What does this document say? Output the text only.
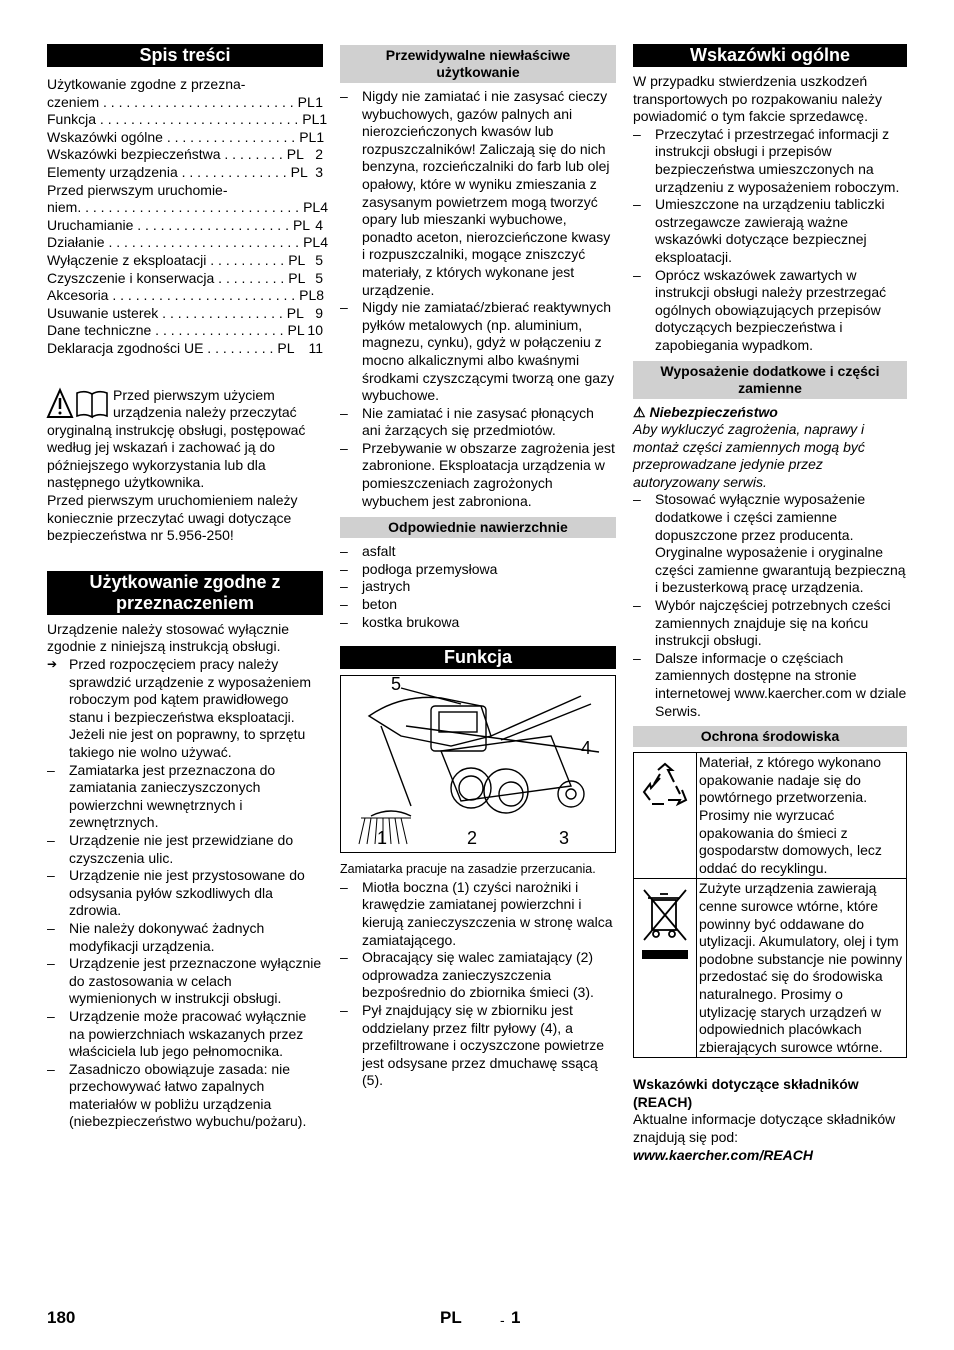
Spis treści
Użytkowanie zgodne z przezna-
czeniem . . . . . . . . . . . . . . . . . . . . . . . . . PL 1
Funkcja . . . . . . . . . . . . . . . . . . . . . . . . . . PL 1
Wskazówki ogólne . . . . . . . . . . . . . . . . . PL 1
Wskazówki bezpieczeństwa . . . . . . . . PL 2
Elementy urządzenia . . . . . . . . . . . . . . PL 3
Przed pierwszym uruchomie-
niem. . . . . . . . . . . . . . . . . . . . . . . . . . . . . PL 4
Uruchamianie . . . . . . . . . . . . . . . . . . . . PL 4
Działanie . . . . . . . . . . . . . . . . . . . . . . . . . PL 4
Wyłączenie z eksploatacji . . . . . . . . . . PL 5
Czyszczenie i konserwacja . . . . . . . . . PL 5
Akcesoria . . . . . . . . . . . . . . . . . . . . . . . . PL 8
Usuwanie usterek . . . . . . . . . . . . . . . . PL 9
Dane techniczne . . . . . . . . . . . . . . . . . PL 10
Deklaracja zgodności UE . . . . . . . . . PL 11

Przed pierwszym użyciem urządzenia należy przeczytać oryginalną instrukcję obsługi, postępować według jej wskazań i zachować ją do późniejszego wykorzystania lub dla następnego użytkownika.

Przed pierwszym uruchomieniem należy koniecznie przeczytać uwagi dotyczące bezpieczeństwa nr 5.956-250!

Użytkowanie zgodne z przeznaczeniem

Urządzenie należy stosować wyłącznie zgodnie z niniejszą instrukcją obsługi.

➔ Przed rozpoczęciem pracy należy sprawdzić urządzenie z wyposażeniem roboczym pod kątem prawidłowego stanu i bezpieczeństwa eksploatacji. Jeżeli nie jest on poprawny, to sprzętu takiego nie wolno używać.
– Zamiatarka jest przeznaczona do zamiatania zanieczyszczonych powierzchni wewnętrznych i zewnętrznych.
– Urządzenie nie jest przewidziane do czyszczenia ulic.
– Urządzenie nie jest przystosowane do odsysania pyłów szkodliwych dla zdrowia.
– Nie należy dokonywać żadnych modyfikacji urządzenia.
– Urządzenie jest przeznaczone wyłącznie do zastosowania w celach wymienionych w instrukcji obsługi.
– Urządzenie może pracować wyłącznie na powierzchniach wskazanych przez właściciela lub jego pełnomocnika.
– Zasadniczo obowiązuje zasada: nie przechowywać łatwo zapalnych materiałów w pobliżu urządzenia (niebezpieczeństwo wybuchu/pożaru).
Przewidywalne niewłaściwe użytkowanie
– Nigdy nie zamiatać i nie zasysać cieczy wybuchowych, gazów palnych ani nierozcieńczonych kwasów lub rozpuszczalników! Zaliczają się do nich benzyna, rozcieńczalniki do farb lub olej opałowy, które w wyniku zmieszania z zasysanym powietrzem mogą tworzyć opary lub mieszanki wybuchowe, ponadto aceton, nierozcieńczone kwasy i rozpuszczalniki, mogące zniszczyć materiały, z których wykonane jest urządzenie.
– Nigdy nie zamiatać/zbierać reaktywnych pyłków metalowych (np. aluminium, magnezu, cynku), gdyż w połączeniu z mocno alkalicznymi albo kwaśnymi środkami czyszczącymi tworzą one gazy wybuchowe.
– Nie zamiatać i nie zasysać płonących ani żarzących się przedmiotów.
– Przebywanie w obszarze zagrożenia jest zabronione. Eksploatacja urządzenia w pomieszczeniach zagrożonych wybuchem jest zabroniona.
Odpowiednie nawierzchnie
– asfalt
– podłoga przemysłowa
– jastrych
– beton
– kostka brukowa
Funkcja
5
4
1	2	3

Zamiatarka pracuje na zasadzie przerzucania.

– Miotła boczna (1) czyści narożniki i krawędzie zamiatanej powierzchni i kierują zanieczyszczenia w stronę walca zamiatającego.
– Obracający się walec zamiatający (2) odprowadza zanieczyszczenia bezpośrednio do zbiornika śmieci (3).
– Pył znajdujący się w zbiorniku jest oddzielany przez filtr pyłowy (4), a przefiltrowane i oczyszczone powietrze jest odsysane przez dmuchawę ssącą (5).
Wskazówki ogólne

W przypadku stwierdzenia uszkodzeń transportowych po rozpakowaniu należy powiadomić o tym fakcie sprzedawcę.

– Przeczytać i przestrzegać informacji z instrukcji obsługi i przepisów bezpieczeństwa umieszczonych na urządzeniu z wyposażeniem roboczym.
– Umieszczone na urządzeniu tabliczki ostrzegawcze zawierają ważne wskazówki dotyczące bezpiecznej eksploatacji.
– Oprócz wskazówek zawartych w instrukcji obsługi należy przestrzegać ogólnych obowiązujących przepisów dotyczących bezpieczeństwa i zapobiegania wypadkom.
Wyposażenie dodatkowe i części zamienne

⚠ Niebezpieczeństwo

Aby wykluczyć zagrożenia, naprawy i montaż części zamiennych mogą być przeprowadzane jedynie przez autoryzowany serwis.

– Stosować wyłącznie wyposażenie dodatkowe i części zamienne dopuszczone przez producenta. Oryginalne wyposażenie i oryginalne części zamienne gwarantują bezpieczną i bezusterkową pracę urządzenia.
– Wybór najczęściej potrzebnych cześci zamiennych znajduje się na końcu instrukcji obsługi.
– Dalsze informacje o częściach zamiennych dostępne na stronie internetowej www.kaercher.com w dziale Serwis.
Ochrona środowiska
	Materiał, z którego wykonano opakowanie nadaje się do powtórnego przetworzenia. Prosimy nie wyrzucać opakowania do śmieci z gospodarstw domowych, lecz oddać do recyklingu.
	Zużyte urządzenia zawierają cenne surowce wtórne, które powinny być oddawane do utylizacji. Akumulatory, olej i tym podobne substancje nie powinny przedostać się do środowiska naturalnego. Prosimy o utylizację starych urządzeń w odpowiednich placówkach zbierających surowce wtórne.

Wskazówki dotyczące składników (REACH)

Aktualne informacje dotyczące składników znajdują się pod:

www.kaercher.com/REACH

180	PL	- 1
